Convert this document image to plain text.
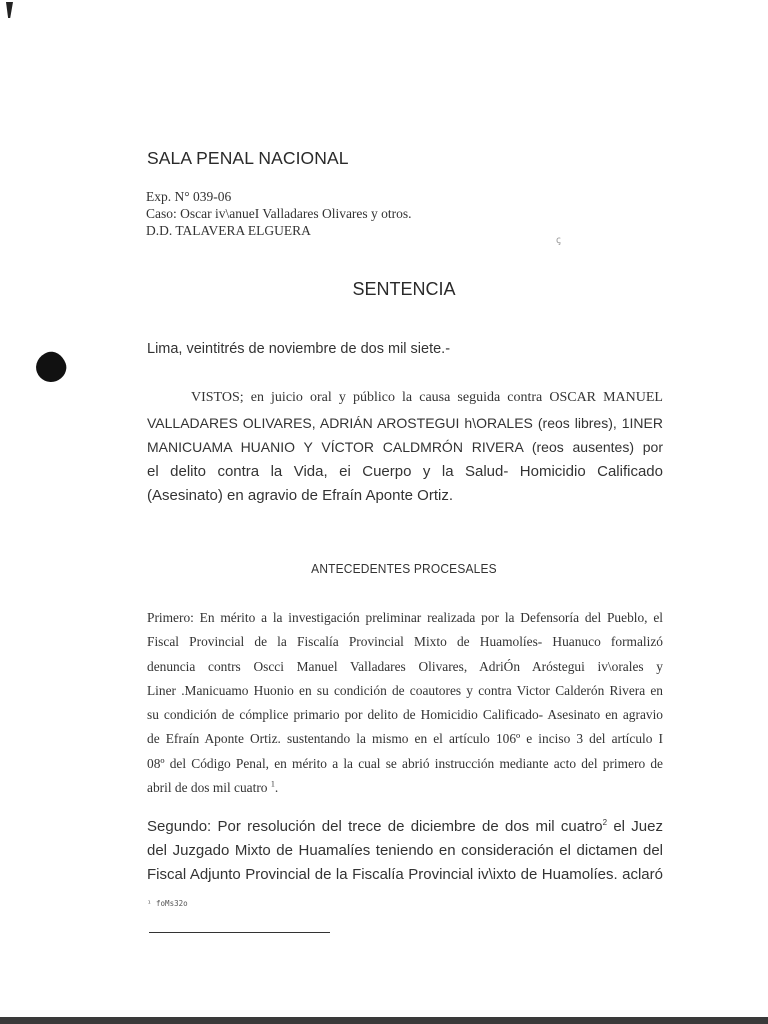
ꞔ
SALA PENAL NACIONAL
Exp. N° 039-06
Caso: Oscar iv\anueI Valladares Olivares y otros.
D.D. TALAVERA ELGUERA
SENTENCIA
Lima, veintitrés de noviembre de dos mil siete.-
VISTOS; en juicio oral y público la causa seguida contra OSCAR MANUEL
VALLADARES OLIVARES, ADRIÁN AROSTEGUI h\ORALES (reos libres), 1INER
MANICUAMA HUANIO Y VÍCTOR CALDMRÓN RIVERA (reos ausentes) por
el delito contra la Vida, ei Cuerpo y la Salud- Homicidio Calificado
(Asesinato) en agravio de Efraín Aponte Ortiz.
ANTECEDENTES PROCESALES
Primero: En mérito a la investigación preliminar realizada por la Defensoría del Pueblo, el
Fiscal Provincial de la Fiscalía Provincial Mixto de Huamolíes- Huanuco formalizó
denuncia contrs Oscci Manuel Valladares Olivares, AdriÓn Aróstegui iv\orales y
Liner .Manicuamo Huonio en su condición de coautores y contra Victor Calderón Rivera en
su condición de cómplice primario por delito de Homicidio Calificado- Asesinato en agravio
de Efraín Aponte Ortiz. sustentando la mismo en el artículo 106º e inciso 3 del artículo I
08º del Código Penal, en mérito a la cual se abrió instrucción mediante acto del primero de
abril de dos mil cuatro $^1$.
Segundo: Por resolución del trece de diciembre de dos mil cuatro$^2$ el Juez
del Juzgado Mixto de Huamalíes teniendo en consideración el dictamen del
Fiscal Adjunto Provincial de la Fiscalía Provincial iv\ixto de Huamolíes. aclaró
¹ foMs32o
